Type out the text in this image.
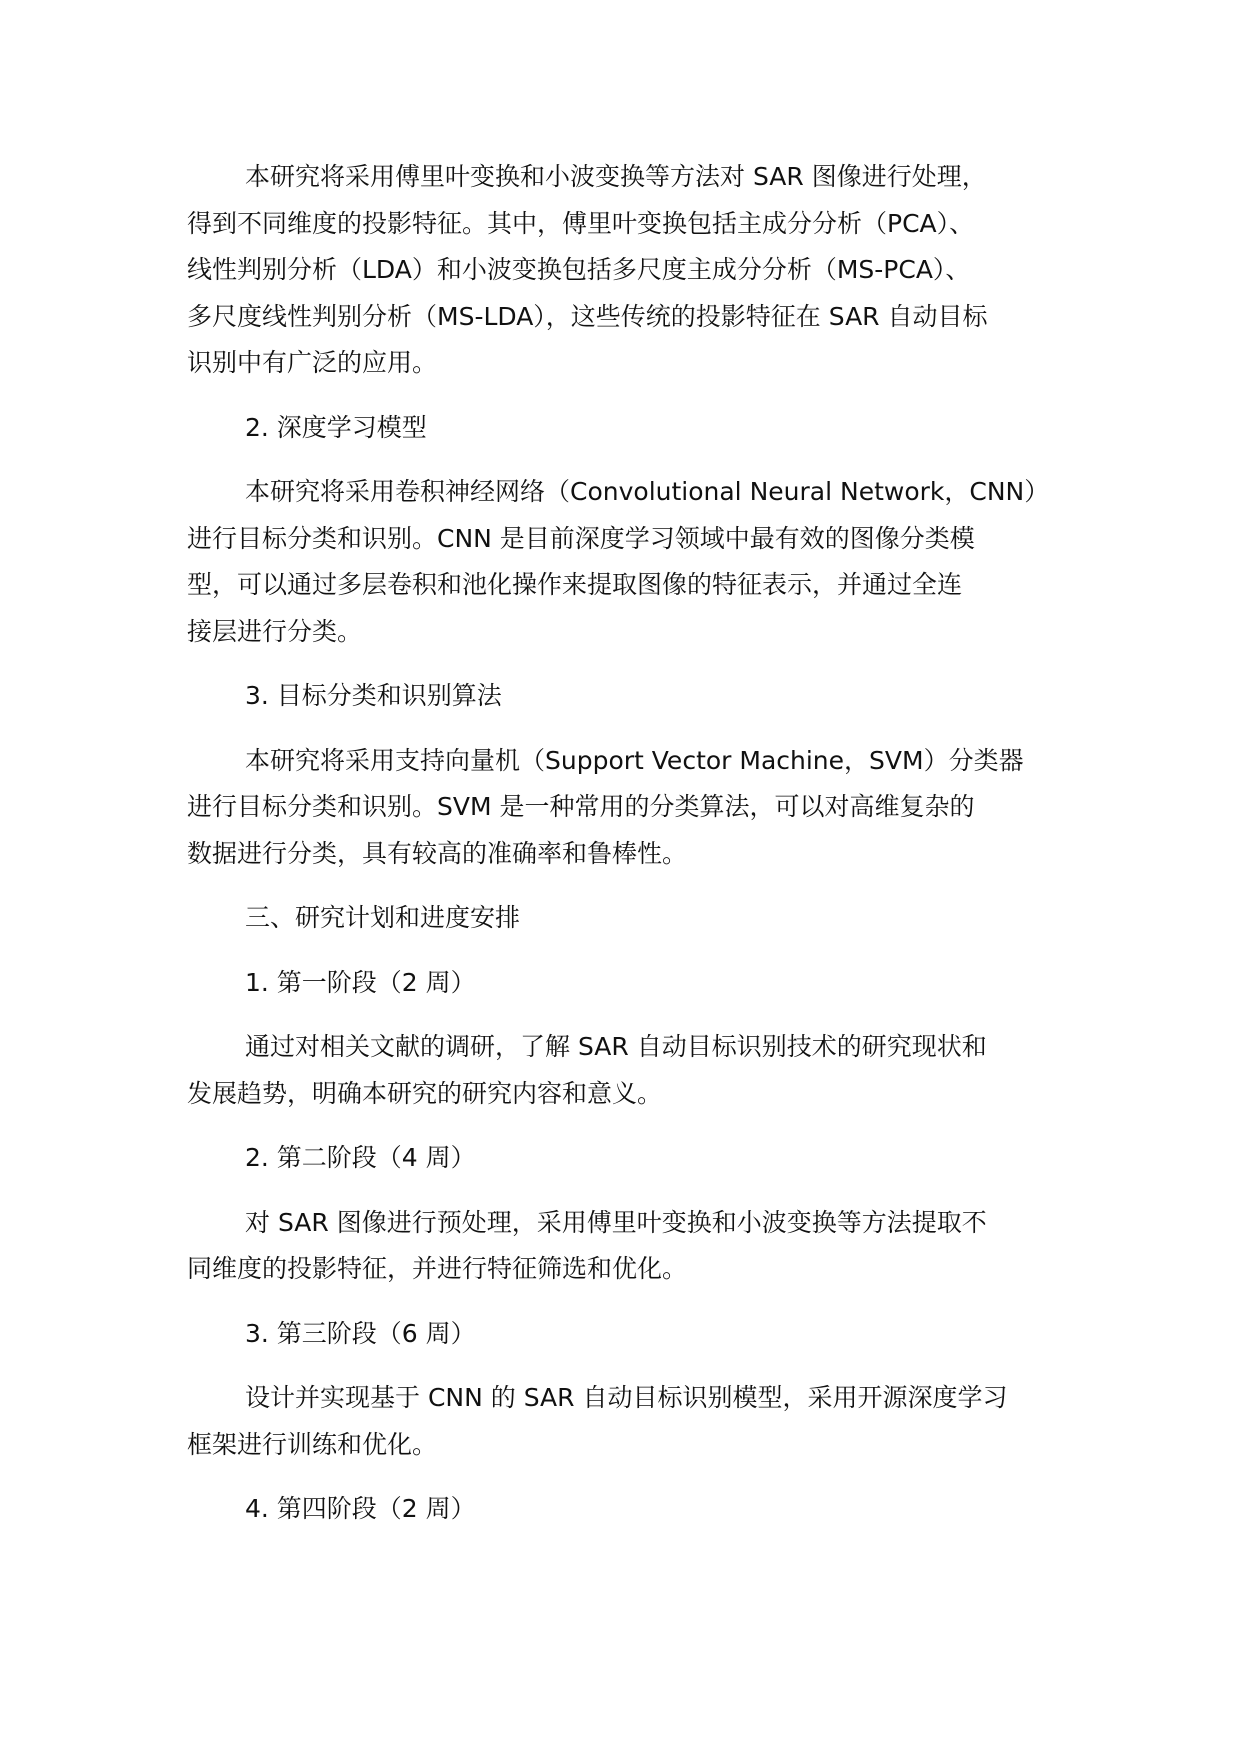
本研究将采用傅里叶变换和小波变换等方法对 SAR 图像进行处理，
得到不同维度的投影特征。其中，傅里叶变换包括主成分分析（PCA）、
线性判别分析（LDA）和小波变换包括多尺度主成分分析（MS-PCA）、
多尺度线性判别分析（MS-LDA），这些传统的投影特征在 SAR 自动目标
识别中有广泛的应用。
2. 深度学习模型
本研究将采用卷积神经网络（Convolutional Neural Network，CNN）
进行目标分类和识别。CNN 是目前深度学习领域中最有效的图像分类模
型，可以通过多层卷积和池化操作来提取图像的特征表示，并通过全连
接层进行分类。
3. 目标分类和识别算法
本研究将采用支持向量机（Support Vector Machine，SVM）分类器
进行目标分类和识别。SVM 是一种常用的分类算法，可以对高维复杂的
数据进行分类，具有较高的准确率和鲁棒性。
三、研究计划和进度安排
1. 第一阶段（2 周）
通过对相关文献的调研，了解 SAR 自动目标识别技术的研究现状和
发展趋势，明确本研究的研究内容和意义。
2. 第二阶段（4 周）
对 SAR 图像进行预处理，采用傅里叶变换和小波变换等方法提取不
同维度的投影特征，并进行特征筛选和优化。
3. 第三阶段（6 周）
设计并实现基于 CNN 的 SAR 自动目标识别模型，采用开源深度学习
框架进行训练和优化。
4. 第四阶段（2 周）
